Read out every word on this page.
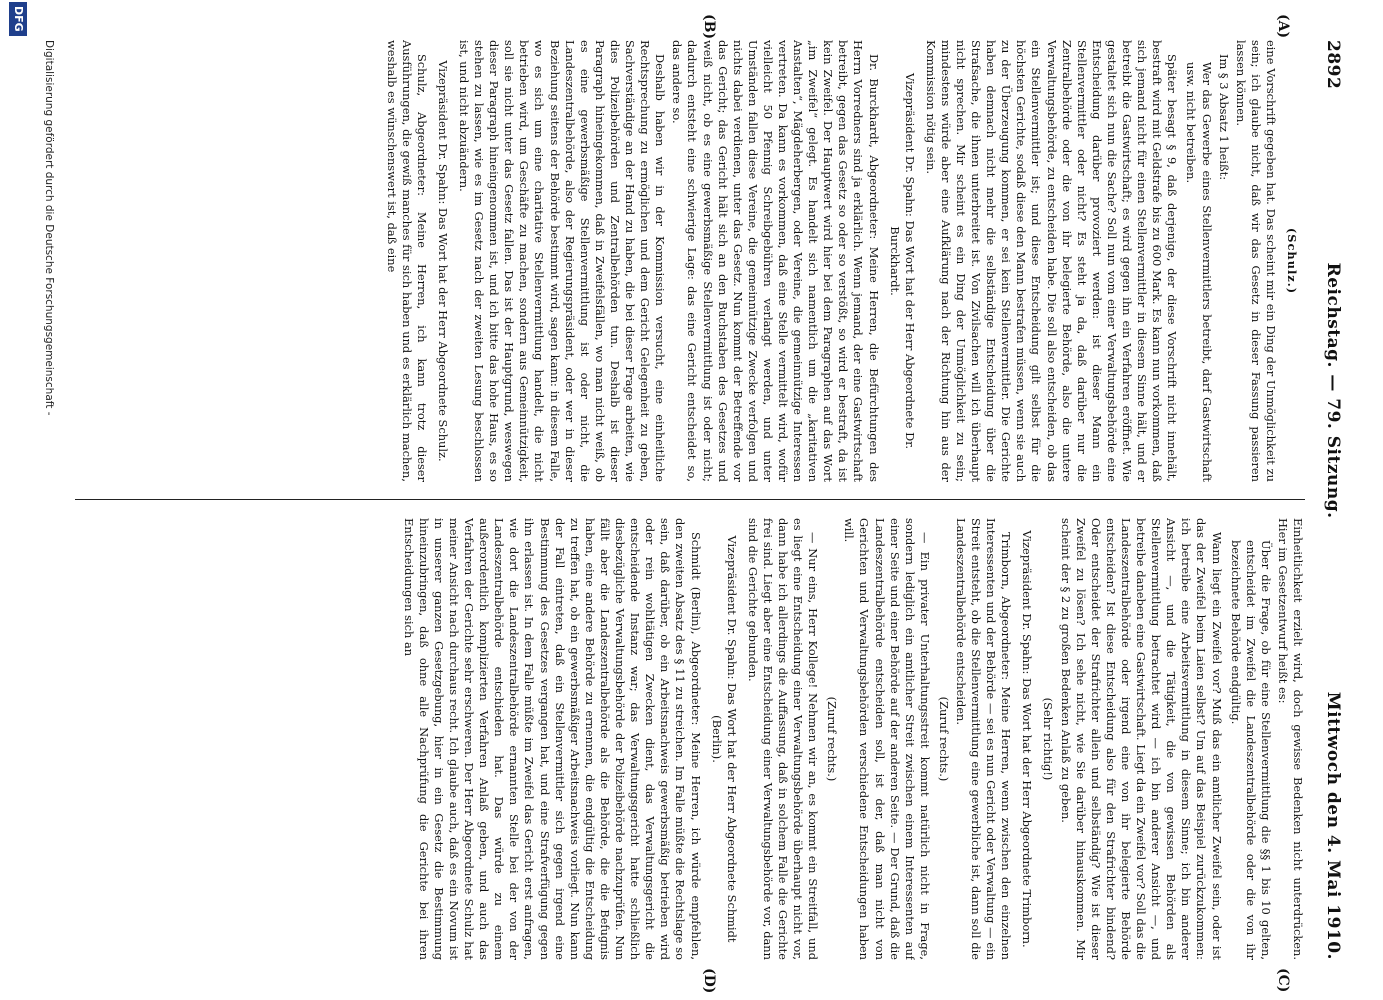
2892
Reichstag. — 79. Sitzung.
Mittwoch den 4. Mai 1910.
(A)
(B)
(C)
(D)

(Schulz.)

eine Vorschrift gegeben hat. Das scheint mir ein Ding der Unmöglichkeit zu sein; ich glaube nicht, daß wir das Gesetz in dieser Fassung passieren lassen können.

Im § 3 Absatz 1 heißt:

Wer das Gewerbe eines Stellenvermittlers betreibt, darf Gastwirtschaft usw. nicht betreiben.

Später besagt § 9, daß derjenige, der diese Vorschrift nicht innehält, bestraft wird mit Geldstrafe bis zu 600 Mark. Es kann nun vorkommen, daß sich jemand nicht für einen Stellenvermittler in diesem Sinne hält, und er betreibt die Gastwirtschaft; es wird gegen ihn ein Verfahren eröffnet. Wie gestaltet sich nun die Sache? Soll nun vom einer Verwaltungsbehörde eine Entscheidung darüber provoziert werden: ist dieser Mann ein Stellenvermittler oder nicht? Es steht ja da, daß darüber nur die Zentralbehörde oder die von ihr belegierte Behörde, also die untere Verwaltungsbehörde, zu entscheiden habe. Die soll also entscheiden, ob das ein Stellenvermittler ist; und diese Entscheidung gilt selbst für die höchsten Gerichte, sodaß diese den Mann bestrafen müssen, wenn sie auch zu der Überzeugung kommen, er sei kein Stellenvermittler. Die Gerichte haben demnach nicht mehr die selbständige Entscheidung über die Strafsache, die ihnen unterbreitet ist. Von Zivilsachen will ich überhaupt nicht sprechen. Mir scheint es ein Ding der Unmöglichkeit zu sein; mindestens würde aber eine Aufklärung nach der Richtung hin aus der Kommission nötig sein.

Vizepräsident Dr. Spahn: Das Wort hat der Herr Abgeordnete Dr. Burckhardt.

Dr. Burckhardt, Abgeordneter: Meine Herren, die Befürchtungen des Herrn Vorredners sind ja erklärlich. Wenn jemand, der eine Gastwirtschaft betreibt, gegen das Gesetz so oder so verstößt, so wird er bestraft, da ist kein Zweifel. Der Hauptwert wird hier bei dem Paragraphen auf das Wort „im Zweifel“ gelegt. Es handelt sich namentlich um die „karitativen Anstalten“, Mägdeherbergen, oder Vereine, die gemeinnützige Interessen vertreten. Da kann es vorkommen, daß eine Stelle vermittelt wird, wofür vielleicht 50 Pfennig Schreibgebühren verlangt werden, und unter Umständen fallen diese Vereine, die gemeinnützige Zwecke verfolgen und nichts dabei verdienen, unter das Gesetz. Nun kommt der Betreffende vor das Gericht; das Gericht hält sich an den Buchstaben des Gesetzes und weiß nicht, ob es eine gewerbsmäßige Stellenvermittlung ist oder nicht; dadurch entsteht eine schwierige Lage: das eine Gericht entscheidet so, das andere so.

Deshalb haben wir in der Kommission versucht, eine einheitliche Rechtsprechung zu ermöglichen und dem Gericht Gelegenheit zu geben, Sachverständige an der Hand zu haben, die bei dieser Frage arbeiten, wie dies Polizeibehörden und Zentralbehörden tun. Deshalb ist dieser Paragraph hineingekommen, daß in Zweifelsfällen, wo man nicht weiß, ob es eine gewerbsmäßige Stellenvermittlung ist oder nicht, die Landeszentralbehörde, also der Regierungspräsident, oder wer in dieser Beziehung seitens der Behörde bestimmt wird, sagen kann: in diesem Falle, wo es sich um eine charitative Stellenvermittlung handelt, die nicht betrieben wird, um Geschäfte zu machen, sondern aus Gemeinnützigkeit, soll sie nicht unter das Gesetz fallen. Das ist der Hauptgrund, weswegen dieser Paragraph hineingenommen ist, und ich bitte das hohe Haus, es so stehen zu lassen, wie es im Gesetz nach der zweiten Lesung beschlossen ist, und nicht abzuändern.

Vizepräsident Dr. Spahn: Das Wort hat der Herr Abgeordnete Schulz.

Schulz, Abgeordneter: Meine Herren, ich kann trotz dieser Ausführungen, die gewiß manches für sich haben und es erklärlich machen, weshalb es wünschenswert ist, daß eine

Einheitlichkeit erzielt wird, doch gewisse Bedenken nicht unterdrücken. Hier im Gesetzentwurf heißt es:

Über die Frage, ob für eine Stellenvermittlung die §§ 1 bis 10 gelten, entscheidet im Zweifel die Landeszentralbehörde oder die von ihr bezeichnete Behörde endgültig.

Wann liegt ein Zweifel vor? Muß das ein amtlicher Zweifel sein, oder ist das der Zweifel beim Laien selbst? Um auf das Beispiel zurückzukommen: ich betreibe eine Arbeitsvermittlung in diesem Sinne; ich bin anderer Ansicht —, und die Tätigkeit, die von gewissen Behörden als Stellenvermittlung betrachtet wird — ich bin anderer Ansicht —, und betreibe daneben eine Gastwirtschaft. Liegt da ein Zweifel vor? Soll das die Landeszentralbehörde oder irgend eine von ihr belegierte Behörde entscheiden? Ist diese Entscheidung also für den Strafrichter bindend? Oder entscheidet der Strafrichter allein und selbständig? Wie ist dieser Zweifel zu lösen? Ich sehe nicht, wie Sie darüber hinauskommen. Mir scheint der § 2 zu großen Bedenken Anlaß zu geben.

(Sehr richtig!)

Vizepräsident Dr. Spahn: Das Wort hat der Herr Abgeordnete Trimborn.

Trimborn, Abgeordneter: Meine Herren, wenn zwischen den einzelnen Interessenten und der Behörde — sei es nun Gericht oder Verwaltung — ein Streit entsteht, ob die Stellenvermittlung eine gewerbliche ist, dann soll die Landeszentralbehörde entscheiden.

(Zuruf rechts.)

— Ein privater Unterhaltungsstreit kommt natürlich nicht in Frage, sondern lediglich ein amtlicher Streit zwischen einem Interessenten auf einer Seite und einer Behörde auf der anderen Seite. — Der Grund, daß die Landeszentralbehörde entscheiden soll, ist der, daß man nicht von Gerichten und Verwaltungsbehörden verschiedene Entscheidungen haben will.

(Zuruf rechts.)

— Nur eins, Herr Kollege! Nehmen wir an, es kommt ein Streitfall, und es liegt eine Entscheidung einer Verwaltungsbehörde überhaupt nicht vor, dann habe ich allerdings die Auffassung, daß in solchem Falle die Gerichte frei sind. Liegt aber eine Entscheidung einer Verwaltungsbehörde vor, dann sind die Gerichte gebunden.

Vizepräsident Dr. Spahn: Das Wort hat der Herr Abgeordnete Schmidt (Berlin).

Schmidt (Berlin), Abgeordneter: Meine Herren, ich würde empfehlen, den zweiten Absatz des § 11 zu streichen. Im Falle müßte die Rechtslage so sein, daß darüber, ob ein Arbeitsnachweis gewerbsmäßig betrieben wird oder rein wohltätigen Zwecken dient, das Verwaltungsgericht die entscheidende Instanz war; das Verwaltungsgericht hatte schließlich diesbezügliche Verwaltungsbehörde der Polizeibehörde nachzuprüfen. Nun fällt aber die Landeszentralbehörde als die Behörde, die die Befugnis haben, eine andere Behörde zu ernennen, die endgültig die Entscheidung zu treffen hat, ob ein gewerbsmäßiger Arbeitsnachweis vorliegt. Nun kann der Fall eintreten, daß ein Stellenvermittler sich gegen irgend eine Bestimmung des Gesetzes vergangen hat, und eine Strafverfügung gegen ihn erlassen ist. In dem Falle müßte im Zweifel das Gericht erst anfragen, wie dort die Landeszentralbehörde ernannten Stelle bei der von der Landeszentralbehörde entschieden hat. Das würde zu einem außerordentlich komplizierten Verfahren Anlaß geben, und auch das Verfahren der Gerichte sehr erschweren. Der Herr Abgeordnete Schulz hat meiner Ansicht nach durchaus recht. Ich glaube auch, daß es ein Novum ist in unserer ganzen Gesetzgebung, hier in ein Gesetz die Bestimmung hineinzubringen, daß ohne alle Nachprüfung die Gerichte bei ihren Entscheidungen sich an

Digitalisierung gefördert durch die Deutsche Forschungsgemeinschaft -
DFG
